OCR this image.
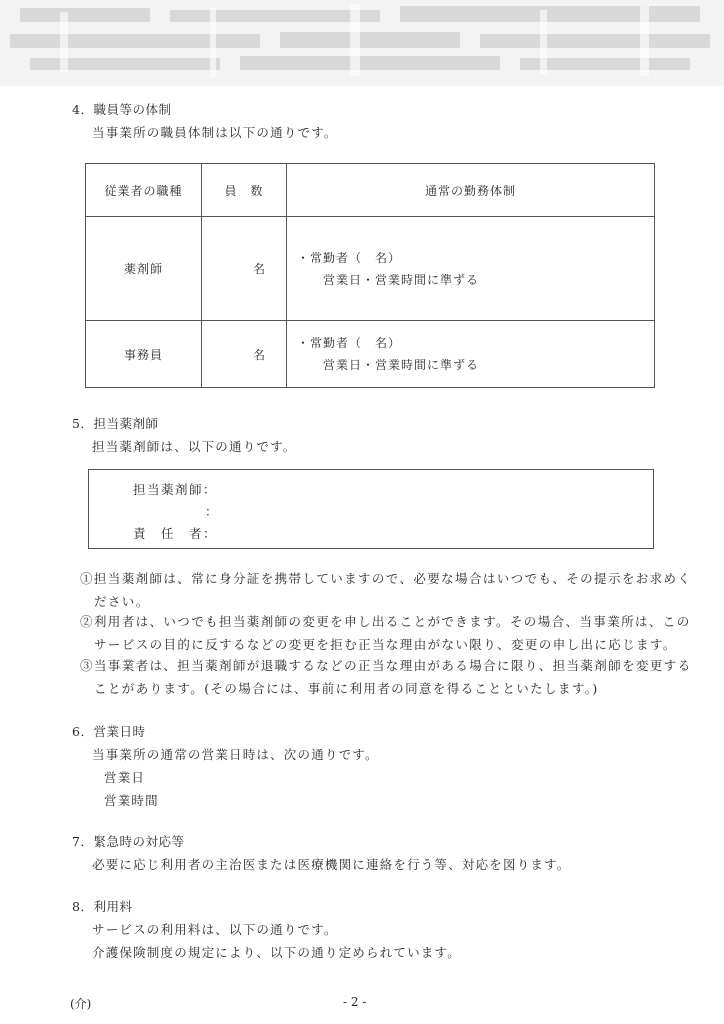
4．職員等の体制
当事業所の職員体制は以下の通りです。
従業者の職種	員　数	通常の勤務体制
薬剤師	名	・常勤者（　名）

営業日・営業時間に準ずる

事務員	名	・常勤者（　名）

営業日・営業時間に準ずる
5．担当薬剤師
担当薬剤師は、以下の通りです。
担当薬剤師：
：
責　任　者：
①担当薬剤師は、常に身分証を携帯していますので、必要な場合はいつでも、その提示をお求めく
ださい。
②利用者は、いつでも担当薬剤師の変更を申し出ることができます。その場合、当事業所は、この
サービスの目的に反するなどの変更を拒む正当な理由がない限り、変更の申し出に応じます。
③当事業者は、担当薬剤師が退職するなどの正当な理由がある場合に限り、担当薬剤師を変更する
ことがあります。(その場合には、事前に利用者の同意を得ることといたします。)
6．営業日時
当事業所の通常の営業日時は、次の通りです。
営業日
営業時間
7．緊急時の対応等
必要に応じ利用者の主治医または医療機関に連絡を行う等、対応を図ります。
8．利用料
サービスの利用料は、以下の通りです。
介護保険制度の規定により、以下の通り定められています。
(介)	- 2 -
